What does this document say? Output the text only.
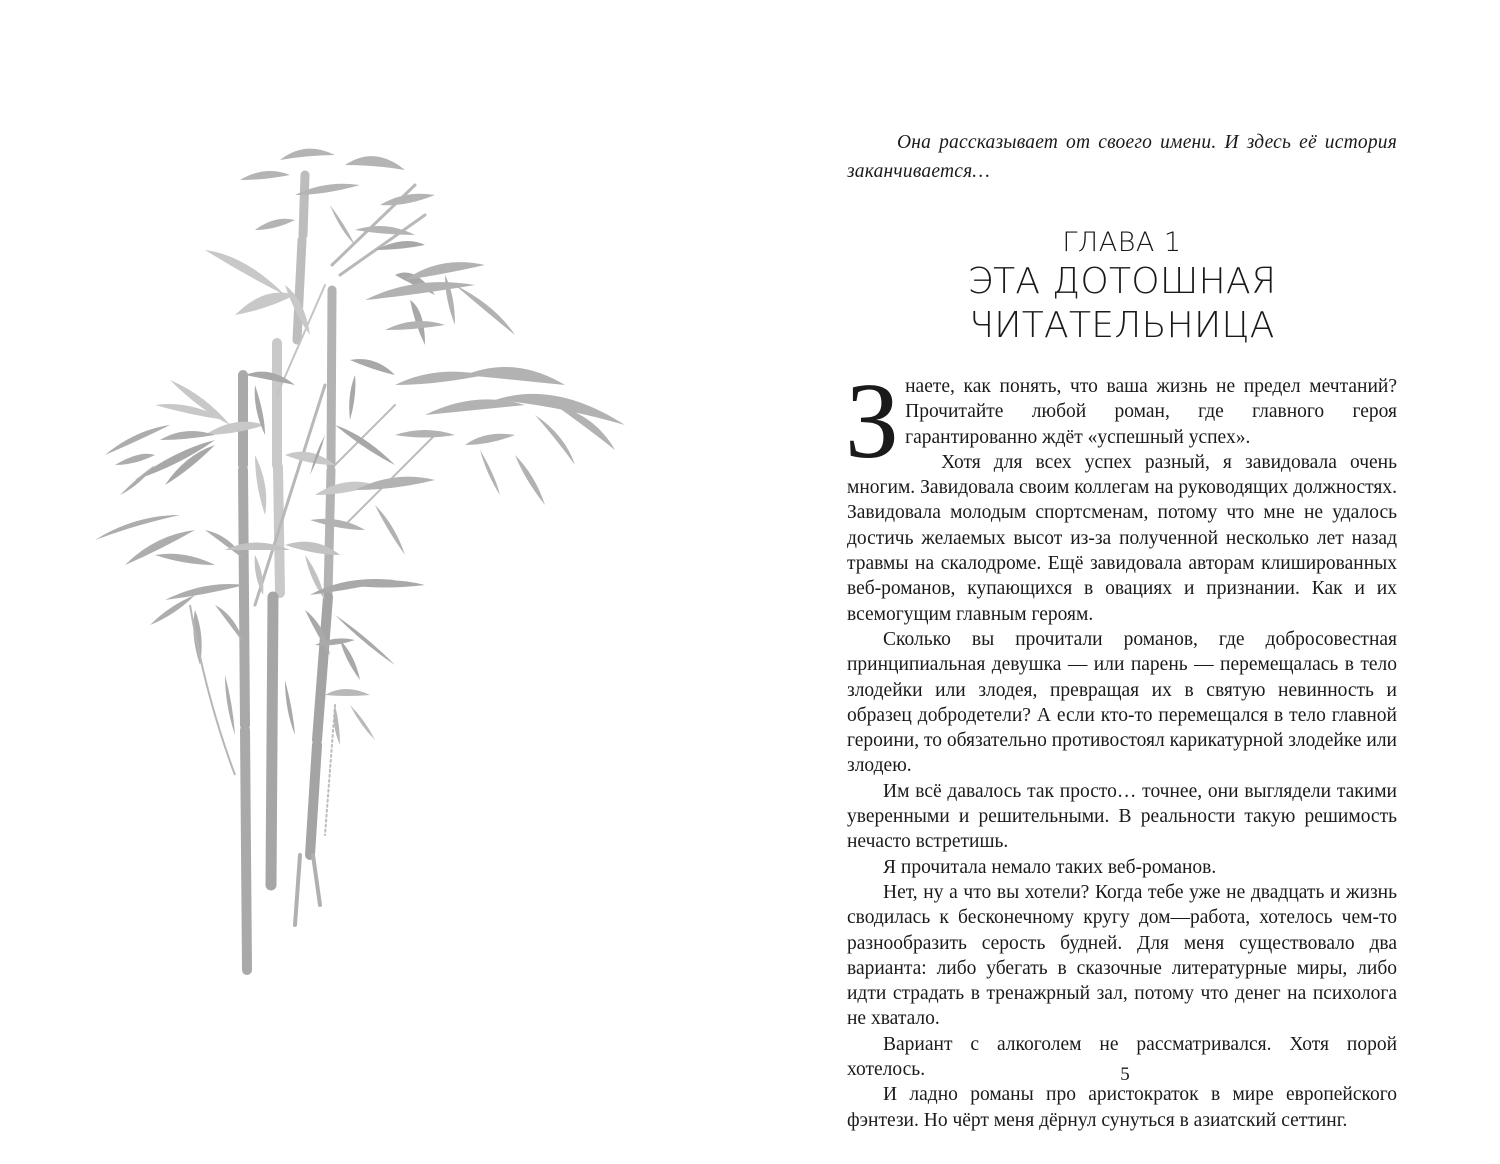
Она рассказывает от своего имени. И здесь её история заканчивается…

ГЛАВА 1
ЭТА ДОТОШНАЯ
ЧИТАТЕЛЬНИЦА

Знаете, как понять, что ваша жизнь не предел мечтаний? Прочитайте любой роман, где главного героя гарантированно ждёт «успешный успех».

Хотя для всех успех разный, я завидовала очень многим. Завидовала своим коллегам на руководящих должностях. Завидовала молодым спортсменам, потому что мне не удалось достичь желаемых высот из-за полученной несколько лет назад травмы на скалодроме. Ещё завидовала авторам клишированных веб-романов, купающихся в овациях и признании. Как и их всемогущим главным героям.

Сколько вы прочитали романов, где добросовестная принципиальная девушка — или парень — перемещалась в тело злодейки или злодея, превращая их в святую невинность и образец добродетели? А если кто-то перемещался в тело главной героини, то обязательно противостоял карикатурной злодейке или злодею.

Им всё давалось так просто… точнее, они выглядели такими уверенными и решительными. В реальности такую решимость нечасто встретишь.

Я прочитала немало таких веб-романов.

Нет, ну а что вы хотели? Когда тебе уже не двадцать и жизнь сводилась к бесконечному кругу дом—работа, хотелось чем-то разнообразить серость будней. Для меня существовало два варианта: либо убегать в сказочные литературные миры, либо идти страдать в тренажрный зал, потому что денег на психолога не хватало.

Вариант с алкоголем не рассматривался. Хотя порой хотелось.

И ладно романы про аристократок в мире европейского фэнтези. Но чёрт меня дёрнул сунуться в азиатский сеттинг.

5
